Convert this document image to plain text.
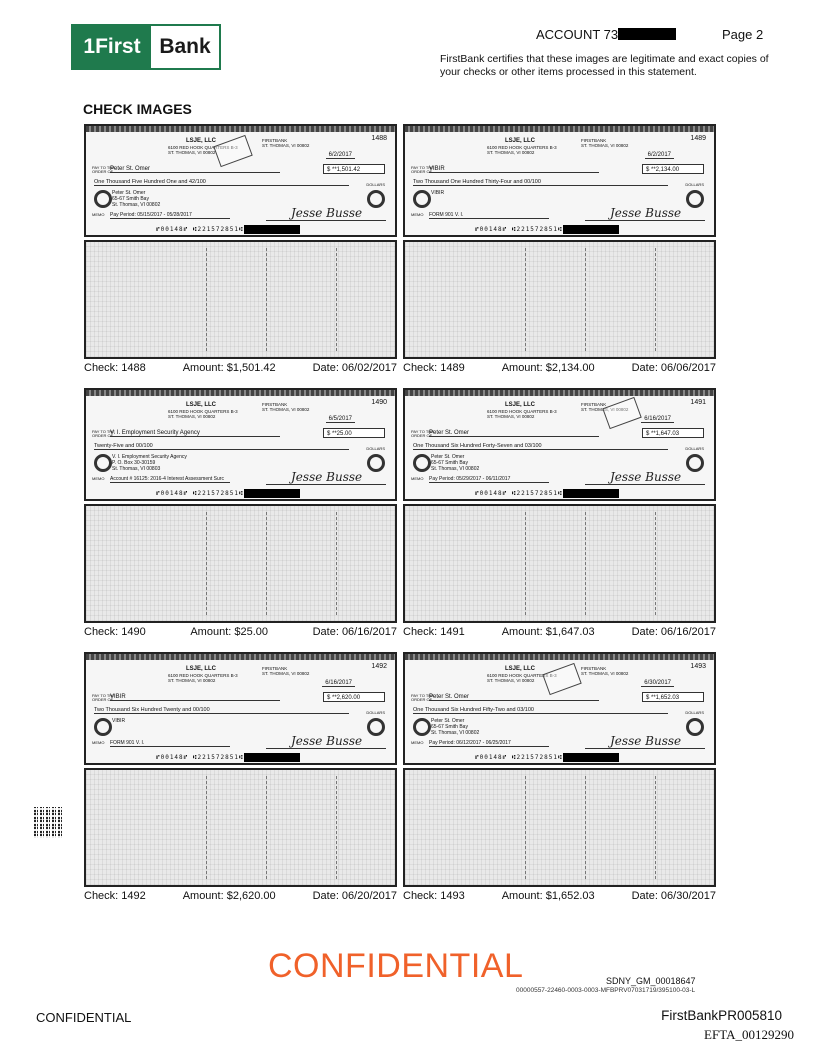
1First Bank
ACCOUNT 73	Page 2
FirstBank certifies that these images are legitimate and exact copies of your checks or other items processed in this statement.
CHECK IMAGES
LSJE, LLC
6100 RED HOOK QUARTERS B-3
ST. THOMAS, VI 00802
FIRSTBANK
ST. THOMAS, VI 00802
1488
6/2/2017
PAY TO THE
ORDER OF
Peter St. Omer	$ **1,501.42
One Thousand Five Hundred One and 42/100	DOLLARS
Peter St. Omer
65-67 Smith Bay
St. Thomas, VI 00802
MEMO Pay Period: 05/15/2017 - 05/28/2017	Jesse Busse
⑈00148⑈ ⑆221572851⑆
Check: 1488	Amount: $1,501.42	Date: 06/02/2017
LSJE, LLC
6100 RED HOOK QUARTERS B-3
ST. THOMAS, VI 00802
FIRSTBANK
ST. THOMAS, VI 00802
1489
6/2/2017
PAY TO THE
ORDER OF
VIBIR	$ **2,134.00
Two Thousand One Hundred Thirty-Four and 00/100	DOLLARS
VIBIR
MEMO FORM 901 V. I.	Jesse Busse
⑈00148⑈ ⑆221572851⑆
Check: 1489	Amount: $2,134.00	Date: 06/06/2017
LSJE, LLC
6100 RED HOOK QUARTERS B-3
ST. THOMAS, VI 00802
FIRSTBANK
ST. THOMAS, VI 00802
1490
6/5/2017
PAY TO THE
ORDER OF
V. I. Employment Security Agency	$ **25.00
Twenty-Five and 00/100	DOLLARS
V. I. Employment Security Agency
P. O. Box 30-30159
St. Thomas, VI 00803
MEMO Account # 16125: 2016-4 Interest Assessment Surc	Jesse Busse
⑈00148⑈ ⑆221572851⑆
Check: 1490	Amount: $25.00	Date: 06/16/2017
LSJE, LLC
6100 RED HOOK QUARTERS B-3
ST. THOMAS, VI 00802
FIRSTBANK
ST. THOMAS, VI 00802
1491
6/16/2017
PAY TO THE
ORDER OF
Peter St. Omer	$ **1,647.03
One Thousand Six Hundred Forty-Seven and 03/100	DOLLARS
Peter St. Omer
65-67 Smith Bay
St. Thomas, VI 00802
MEMO Pay Period: 05/29/2017 - 06/11/2017	Jesse Busse
⑈00148⑈ ⑆221572851⑆
Check: 1491	Amount: $1,647.03	Date: 06/16/2017
LSJE, LLC
6100 RED HOOK QUARTERS B-3
ST. THOMAS, VI 00802
FIRSTBANK
ST. THOMAS, VI 00802
1492
6/16/2017
PAY TO THE
ORDER OF
VIBIR	$ **2,620.00
Two Thousand Six Hundred Twenty and 00/100	DOLLARS
VIBIR
MEMO FORM 901 V. I.	Jesse Busse
⑈00148⑈ ⑆221572851⑆
Check: 1492	Amount: $2,620.00	Date: 06/20/2017
LSJE, LLC
6100 RED HOOK QUARTERS B-3
ST. THOMAS, VI 00802
FIRSTBANK
ST. THOMAS, VI 00802
1493
6/30/2017
PAY TO THE
ORDER OF
Peter St. Omer	$ **1,652.03
One Thousand Six Hundred Fifty-Two and 03/100	DOLLARS
Peter St. Omer
65-67 Smith Bay
St. Thomas, VI 00802
MEMO Pay Period: 06/12/2017 - 06/25/2017	Jesse Busse
⑈00148⑈ ⑆221572851⑆
Check: 1493	Amount: $1,652.03	Date: 06/30/2017
CONFIDENTIAL	SDNY_GM_00018647
00000557-22460-0003-0003-MFBPRV07031719/395100-03-L
CONFIDENTIAL	FirstBankPR005810
EFTA_00129290
